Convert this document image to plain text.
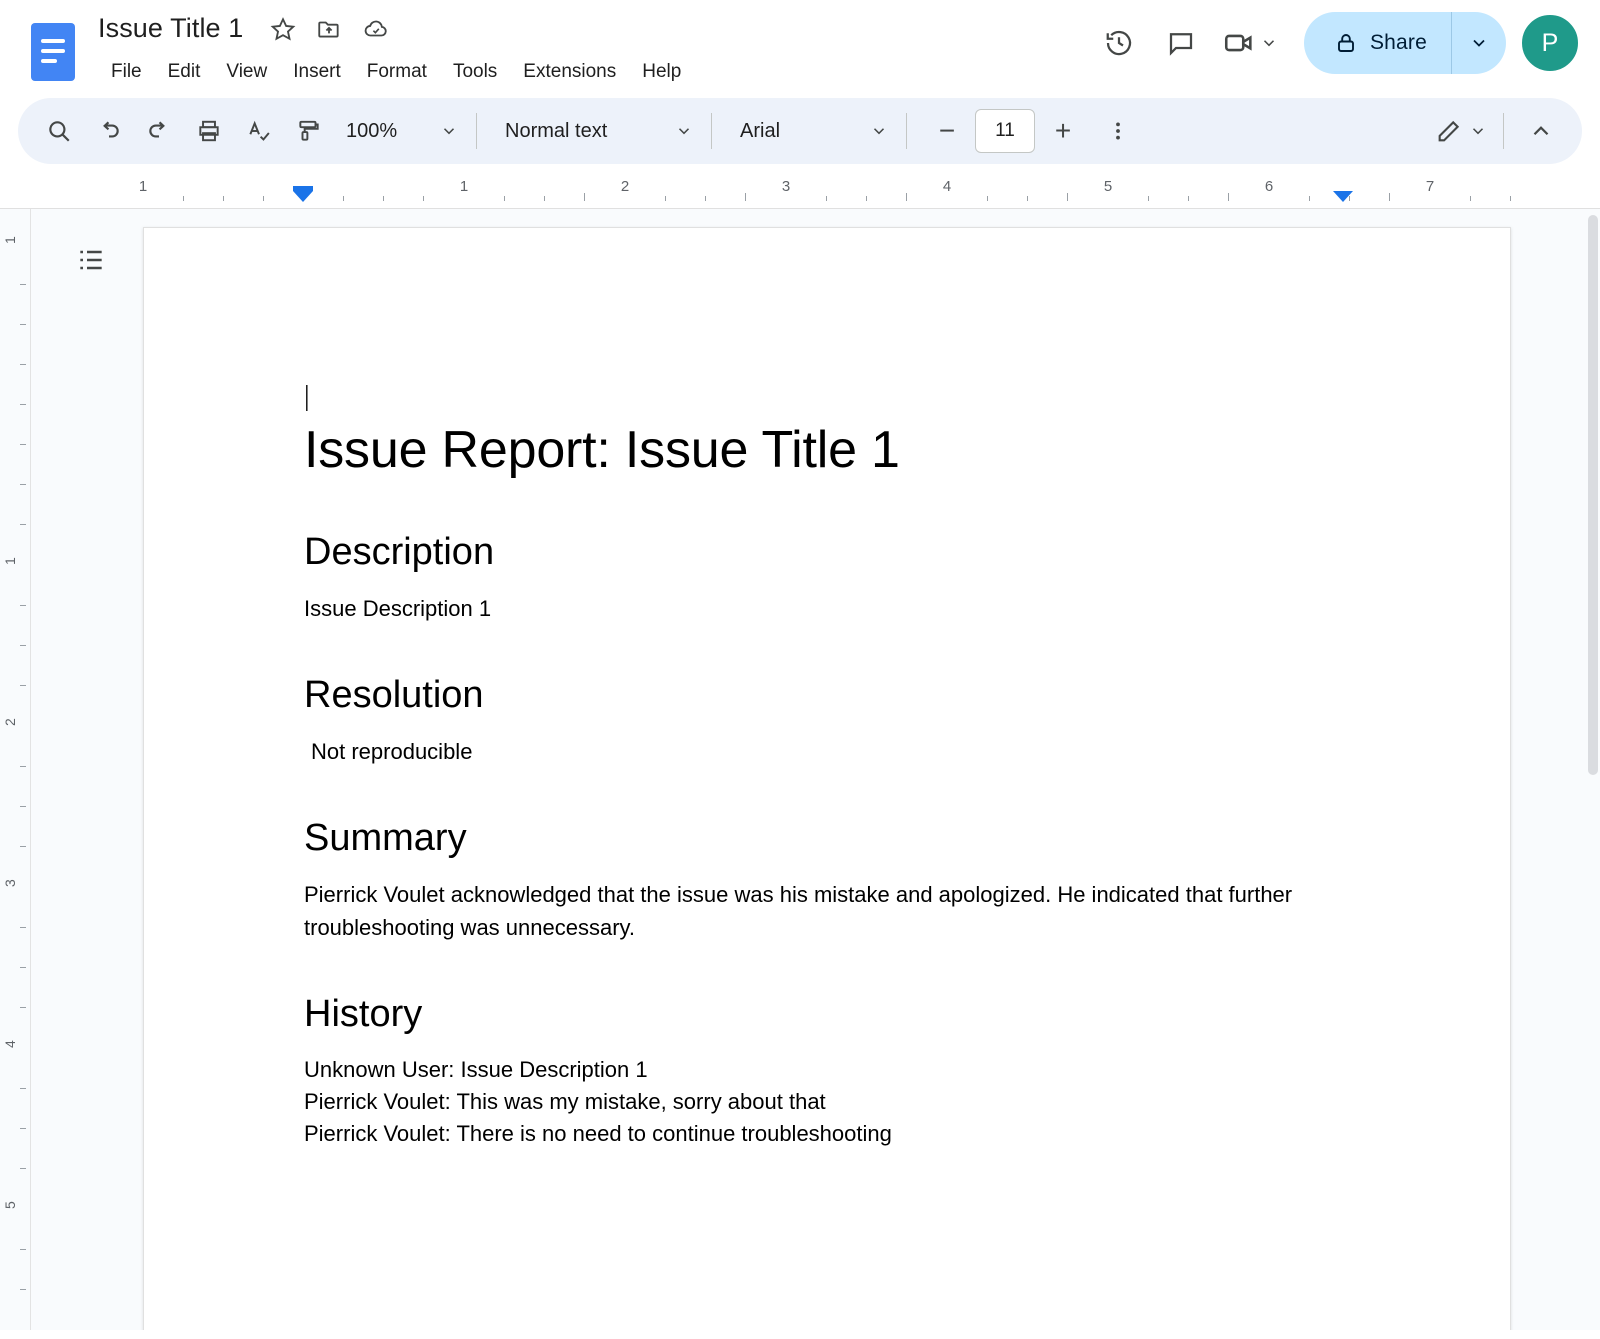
Issue Title 1

File	Edit	View	Insert	Format	Tools	Extensions	Help
Share	P
100%	Normal text	Arial	−	11	+
1	1	2	3	4	5	6	7
1
1
2
3
4
5
|
Issue Report: Issue Title 1
Description
Issue Description 1
Resolution
Not reproducible
Summary
Pierrick Voulet acknowledged that the issue was his mistake and apologized. He indicated that further troubleshooting was unnecessary.
History
Unknown User: Issue Description 1
Pierrick Voulet: This was my mistake, sorry about that
Pierrick Voulet: There is no need to continue troubleshooting
